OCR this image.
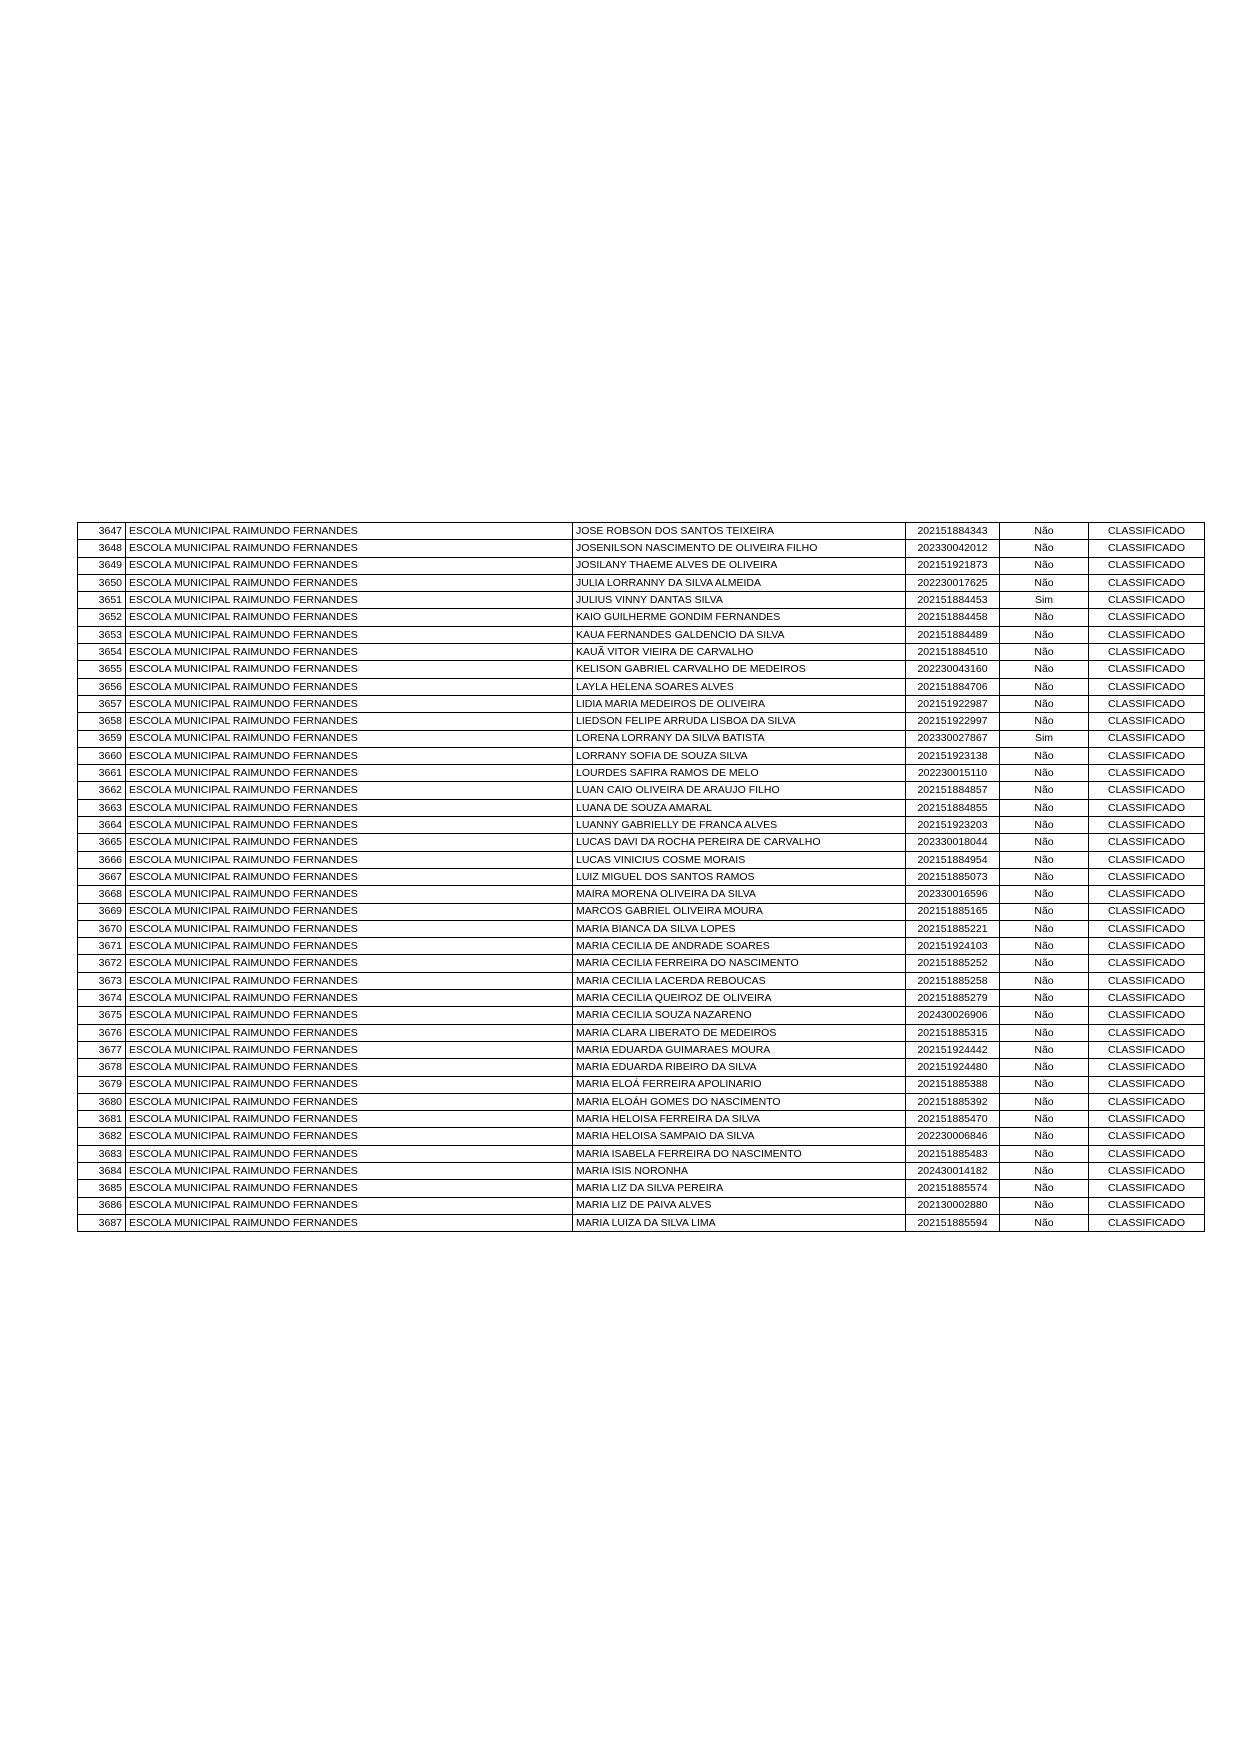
3647	ESCOLA MUNICIPAL RAIMUNDO FERNANDES	JOSE ROBSON DOS SANTOS TEIXEIRA	202151884343	Não	CLASSIFICADO
3648	ESCOLA MUNICIPAL RAIMUNDO FERNANDES	JOSENILSON NASCIMENTO DE OLIVEIRA FILHO	202330042012	Não	CLASSIFICADO
3649	ESCOLA MUNICIPAL RAIMUNDO FERNANDES	JOSILANY THAEME ALVES DE OLIVEIRA	202151921873	Não	CLASSIFICADO
3650	ESCOLA MUNICIPAL RAIMUNDO FERNANDES	JULIA LORRANNY DA SILVA ALMEIDA	202230017625	Não	CLASSIFICADO
3651	ESCOLA MUNICIPAL RAIMUNDO FERNANDES	JULIUS VINNY DANTAS SILVA	202151884453	Sim	CLASSIFICADO
3652	ESCOLA MUNICIPAL RAIMUNDO FERNANDES	KAIO GUILHERME GONDIM FERNANDES	202151884458	Não	CLASSIFICADO
3653	ESCOLA MUNICIPAL RAIMUNDO FERNANDES	KAUA FERNANDES GALDENCIO DA SILVA	202151884489	Não	CLASSIFICADO
3654	ESCOLA MUNICIPAL RAIMUNDO FERNANDES	KAUÃ VITOR VIEIRA DE CARVALHO	202151884510	Não	CLASSIFICADO
3655	ESCOLA MUNICIPAL RAIMUNDO FERNANDES	KELISON GABRIEL CARVALHO DE MEDEIROS	202230043160	Não	CLASSIFICADO
3656	ESCOLA MUNICIPAL RAIMUNDO FERNANDES	LAYLA HELENA SOARES ALVES	202151884706	Não	CLASSIFICADO
3657	ESCOLA MUNICIPAL RAIMUNDO FERNANDES	LIDIA MARIA MEDEIROS DE OLIVEIRA	202151922987	Não	CLASSIFICADO
3658	ESCOLA MUNICIPAL RAIMUNDO FERNANDES	LIEDSON FELIPE ARRUDA LISBOA DA SILVA	202151922997	Não	CLASSIFICADO
3659	ESCOLA MUNICIPAL RAIMUNDO FERNANDES	LORENA LORRANY DA SILVA BATISTA	202330027867	Sim	CLASSIFICADO
3660	ESCOLA MUNICIPAL RAIMUNDO FERNANDES	LORRANY SOFIA DE SOUZA SILVA	202151923138	Não	CLASSIFICADO
3661	ESCOLA MUNICIPAL RAIMUNDO FERNANDES	LOURDES SAFIRA RAMOS DE MELO	202230015110	Não	CLASSIFICADO
3662	ESCOLA MUNICIPAL RAIMUNDO FERNANDES	LUAN CAIO OLIVEIRA DE ARAUJO FILHO	202151884857	Não	CLASSIFICADO
3663	ESCOLA MUNICIPAL RAIMUNDO FERNANDES	LUANA DE SOUZA AMARAL	202151884855	Não	CLASSIFICADO
3664	ESCOLA MUNICIPAL RAIMUNDO FERNANDES	LUANNY GABRIELLY DE FRANCA ALVES	202151923203	Não	CLASSIFICADO
3665	ESCOLA MUNICIPAL RAIMUNDO FERNANDES	LUCAS DAVI DA ROCHA PEREIRA DE CARVALHO	202330018044	Não	CLASSIFICADO
3666	ESCOLA MUNICIPAL RAIMUNDO FERNANDES	LUCAS VINICIUS COSME MORAIS	202151884954	Não	CLASSIFICADO
3667	ESCOLA MUNICIPAL RAIMUNDO FERNANDES	LUIZ MIGUEL DOS SANTOS RAMOS	202151885073	Não	CLASSIFICADO
3668	ESCOLA MUNICIPAL RAIMUNDO FERNANDES	MAIRA MORENA OLIVEIRA DA SILVA	202330016596	Não	CLASSIFICADO
3669	ESCOLA MUNICIPAL RAIMUNDO FERNANDES	MARCOS GABRIEL OLIVEIRA MOURA	202151885165	Não	CLASSIFICADO
3670	ESCOLA MUNICIPAL RAIMUNDO FERNANDES	MARIA BIANCA DA SILVA LOPES	202151885221	Não	CLASSIFICADO
3671	ESCOLA MUNICIPAL RAIMUNDO FERNANDES	MARIA CECILIA DE ANDRADE SOARES	202151924103	Não	CLASSIFICADO
3672	ESCOLA MUNICIPAL RAIMUNDO FERNANDES	MARIA CECILIA FERREIRA DO NASCIMENTO	202151885252	Não	CLASSIFICADO
3673	ESCOLA MUNICIPAL RAIMUNDO FERNANDES	MARIA CECILIA LACERDA REBOUCAS	202151885258	Não	CLASSIFICADO
3674	ESCOLA MUNICIPAL RAIMUNDO FERNANDES	MARIA CECILIA QUEIROZ DE OLIVEIRA	202151885279	Não	CLASSIFICADO
3675	ESCOLA MUNICIPAL RAIMUNDO FERNANDES	MARIA CECILIA SOUZA NAZARENO	202430026906	Não	CLASSIFICADO
3676	ESCOLA MUNICIPAL RAIMUNDO FERNANDES	MARIA CLARA LIBERATO DE MEDEIROS	202151885315	Não	CLASSIFICADO
3677	ESCOLA MUNICIPAL RAIMUNDO FERNANDES	MARIA EDUARDA GUIMARAES MOURA	202151924442	Não	CLASSIFICADO
3678	ESCOLA MUNICIPAL RAIMUNDO FERNANDES	MARIA EDUARDA RIBEIRO DA SILVA	202151924480	Não	CLASSIFICADO
3679	ESCOLA MUNICIPAL RAIMUNDO FERNANDES	MARIA ELOÁ FERREIRA APOLINARIO	202151885388	Não	CLASSIFICADO
3680	ESCOLA MUNICIPAL RAIMUNDO FERNANDES	MARIA ELOÁH GOMES DO NASCIMENTO	202151885392	Não	CLASSIFICADO
3681	ESCOLA MUNICIPAL RAIMUNDO FERNANDES	MARIA HELOISA FERREIRA DA SILVA	202151885470	Não	CLASSIFICADO
3682	ESCOLA MUNICIPAL RAIMUNDO FERNANDES	MARIA HELOISA SAMPAIO DA SILVA	202230006846	Não	CLASSIFICADO
3683	ESCOLA MUNICIPAL RAIMUNDO FERNANDES	MARIA ISABELA FERREIRA DO NASCIMENTO	202151885483	Não	CLASSIFICADO
3684	ESCOLA MUNICIPAL RAIMUNDO FERNANDES	MARIA ISIS NORONHA	202430014182	Não	CLASSIFICADO
3685	ESCOLA MUNICIPAL RAIMUNDO FERNANDES	MARIA LIZ DA SILVA PEREIRA	202151885574	Não	CLASSIFICADO
3686	ESCOLA MUNICIPAL RAIMUNDO FERNANDES	MARIA LIZ DE PAIVA ALVES	202130002880	Não	CLASSIFICADO
3687	ESCOLA MUNICIPAL RAIMUNDO FERNANDES	MARIA LUIZA DA SILVA LIMA	202151885594	Não	CLASSIFICADO
